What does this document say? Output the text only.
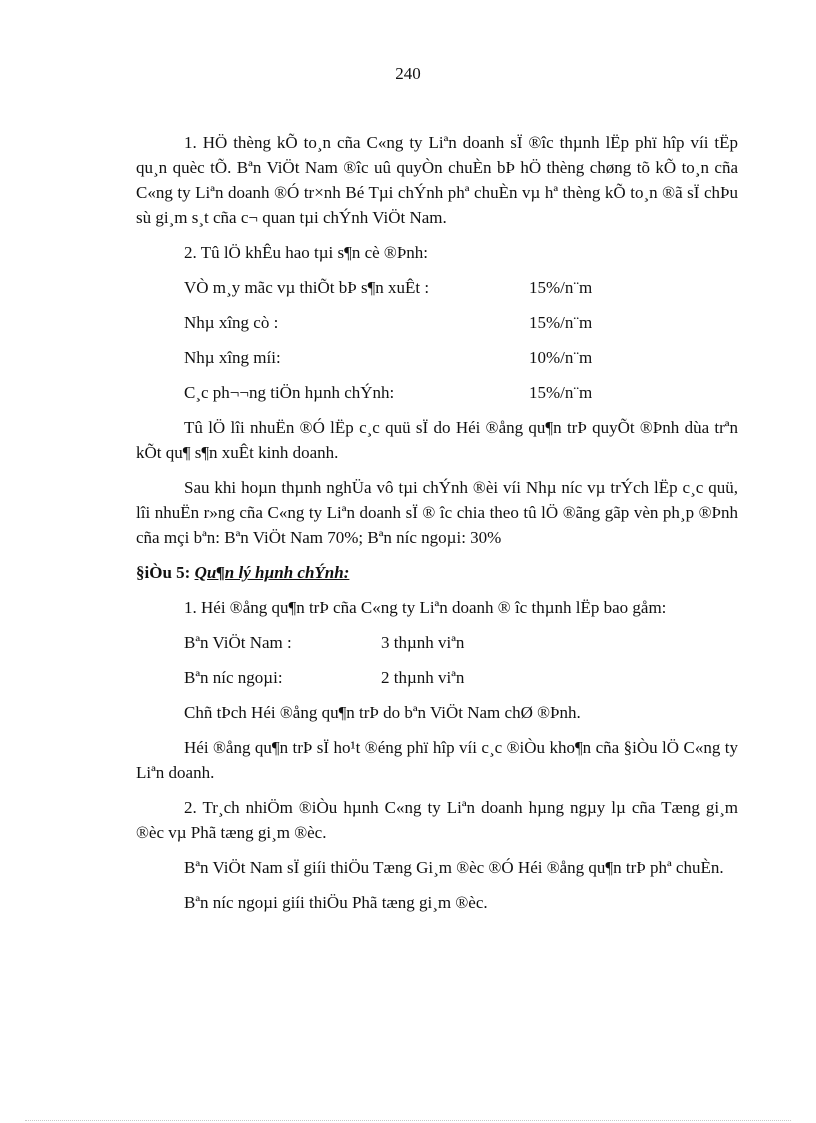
240

1. HÖ thèng kÕ to¸n cña C«ng ty Liªn doanh sÏ ®îc thµnh lËp phï hîp víi tËp qu¸n quèc tÕ. Bªn ViÖt Nam ®îc uû quyÒn chuÈn bÞ hÖ thèng chøng tõ kÕ to¸n cña C«ng ty Liªn doanh ®Ó tr×nh Bé Tµi chÝnh phª chuÈn vµ hª thèng kÕ to¸n ®ã sÏ chÞu sù gi¸m s¸t cña c¬ quan tµi chÝnh ViÖt Nam.

2. Tû lÖ khÊu hao tµi s¶n cè ®Þnh:

VÒ m¸y mãc vµ thiÕt bÞ s¶n xuÊt :	15%/n¨m
Nhµ xîng cò :	15%/n¨m
Nhµ xîng míi:	10%/n¨m
C¸c ph¬¬ng tiÖn hµnh chÝnh:	15%/n¨m

Tû lÖ lîi nhuËn ®Ó lËp c¸c quü sÏ do Héi ®ång qu¶n trÞ quyÕt ®Þnh dùa trªn kÕt qu¶ s¶n xuÊt kinh doanh.

Sau khi hoµn thµnh nghÜa vô tµi chÝnh ®èi víi Nhµ níc vµ trÝch lËp c¸c quü, lîi nhuËn r»ng cña C«ng ty Liªn doanh sÏ ® îc chia theo tû lÖ ®ãng gãp vèn ph¸p ®Þnh cña mçi bªn: Bªn ViÖt Nam 70%; Bªn níc ngoµi: 30%

§iÒu 5: Qu¶n lý hµnh chÝnh:

1. Héi ®ång qu¶n trÞ cña C«ng ty Liªn doanh ® îc thµnh lËp bao gåm:

Bªn ViÖt Nam :	3 thµnh viªn
Bªn níc ngoµi:	2 thµnh viªn

Chñ tÞch Héi ®ång qu¶n trÞ do bªn ViÖt Nam chØ ®Þnh.

Héi ®ång qu¶n trÞ sÏ ho¹t ®éng phï hîp víi c¸c ®iÒu kho¶n cña §iÒu lÖ C«ng ty Liªn doanh.

2. Tr¸ch nhiÖm ®iÒu hµnh C«ng ty Liªn doanh hµng ngµy lµ cña Tæng gi¸m ®èc vµ Phã tæng gi¸m ®èc.

Bªn ViÖt Nam sÏ giíi thiÖu Tæng Gi¸m ®èc ®Ó Héi ®ång qu¶n trÞ phª chuÈn.

Bªn níc ngoµi giíi thiÖu Phã tæng gi¸m ®èc.
